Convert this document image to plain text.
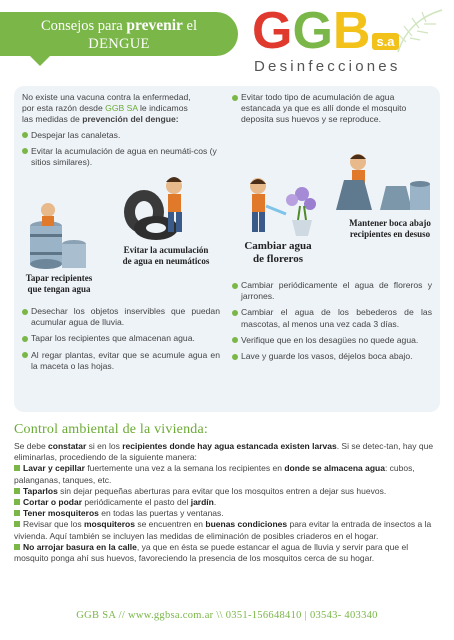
Consejos para prevenir el
DENGUE	G G B s.a
Desinfecciones

No existe una vacuna contra la enfermedad,
por esta razón desde GGB SA le indicamos
las medidas de prevención del dengue:

Despejar las canaletas.
Evitar la acumulación de agua en neumáti-cos (y sitios similares).
Evitar todo tipo de acumulación de agua estancada ya que es allí donde el mosquito deposita sus huevos y se reproduce.
Tapar recipientes que tengan agua
Evitar la acumulación de agua en neumáticos
Cambiar agua de floreros
Mantener boca abajo recipientes en desuso
Desechar los objetos inservibles que puedan acumular agua de lluvia.
Tapar los recipientes que almacenan agua.
Al regar plantas, evitar que se acumule agua en la maceta o las hojas.
Cambiar periódicamente el agua de floreros y jarrones.
Cambiar el agua de los bebederos de las mascotas, al menos una vez cada 3 días.
Verifique que en los desagües no quede agua.
Lave y guarde los vasos, déjelos boca abajo.
Control ambiental de la vivienda:
Se debe constatar si en los recipientes donde hay agua estancada existen larvas. Si se detec-tan, hay que eliminarlas, procediendo de la siguiente manera:
Lavar y cepillar fuertemente una vez a la semana los recipientes en donde se almacena agua: cubos, palanganas, tanques, etc.
Taparlos sin dejar pequeñas aberturas para evitar que los mosquitos entren a dejar sus huevos.
Cortar o podar periódicamente el pasto del jardín.
Tener mosquiteros en todas las puertas y ventanas.
Revisar que los mosquiteros se encuentren en buenas condiciones para evitar la entrada de insectos a la vivienda. Aquí también se incluyen las medidas de eliminación de posibles criaderos en el hogar.
No arrojar basura en la calle, ya que en ésta se puede estancar el agua de lluvia y servir para que el mosquito ponga ahí sus huevos, favoreciendo la presencia de los mosquitos cerca de su hogar.
GGB SA // www.ggbsa.com.ar \\ 0351-156648410 | 03543- 403340
